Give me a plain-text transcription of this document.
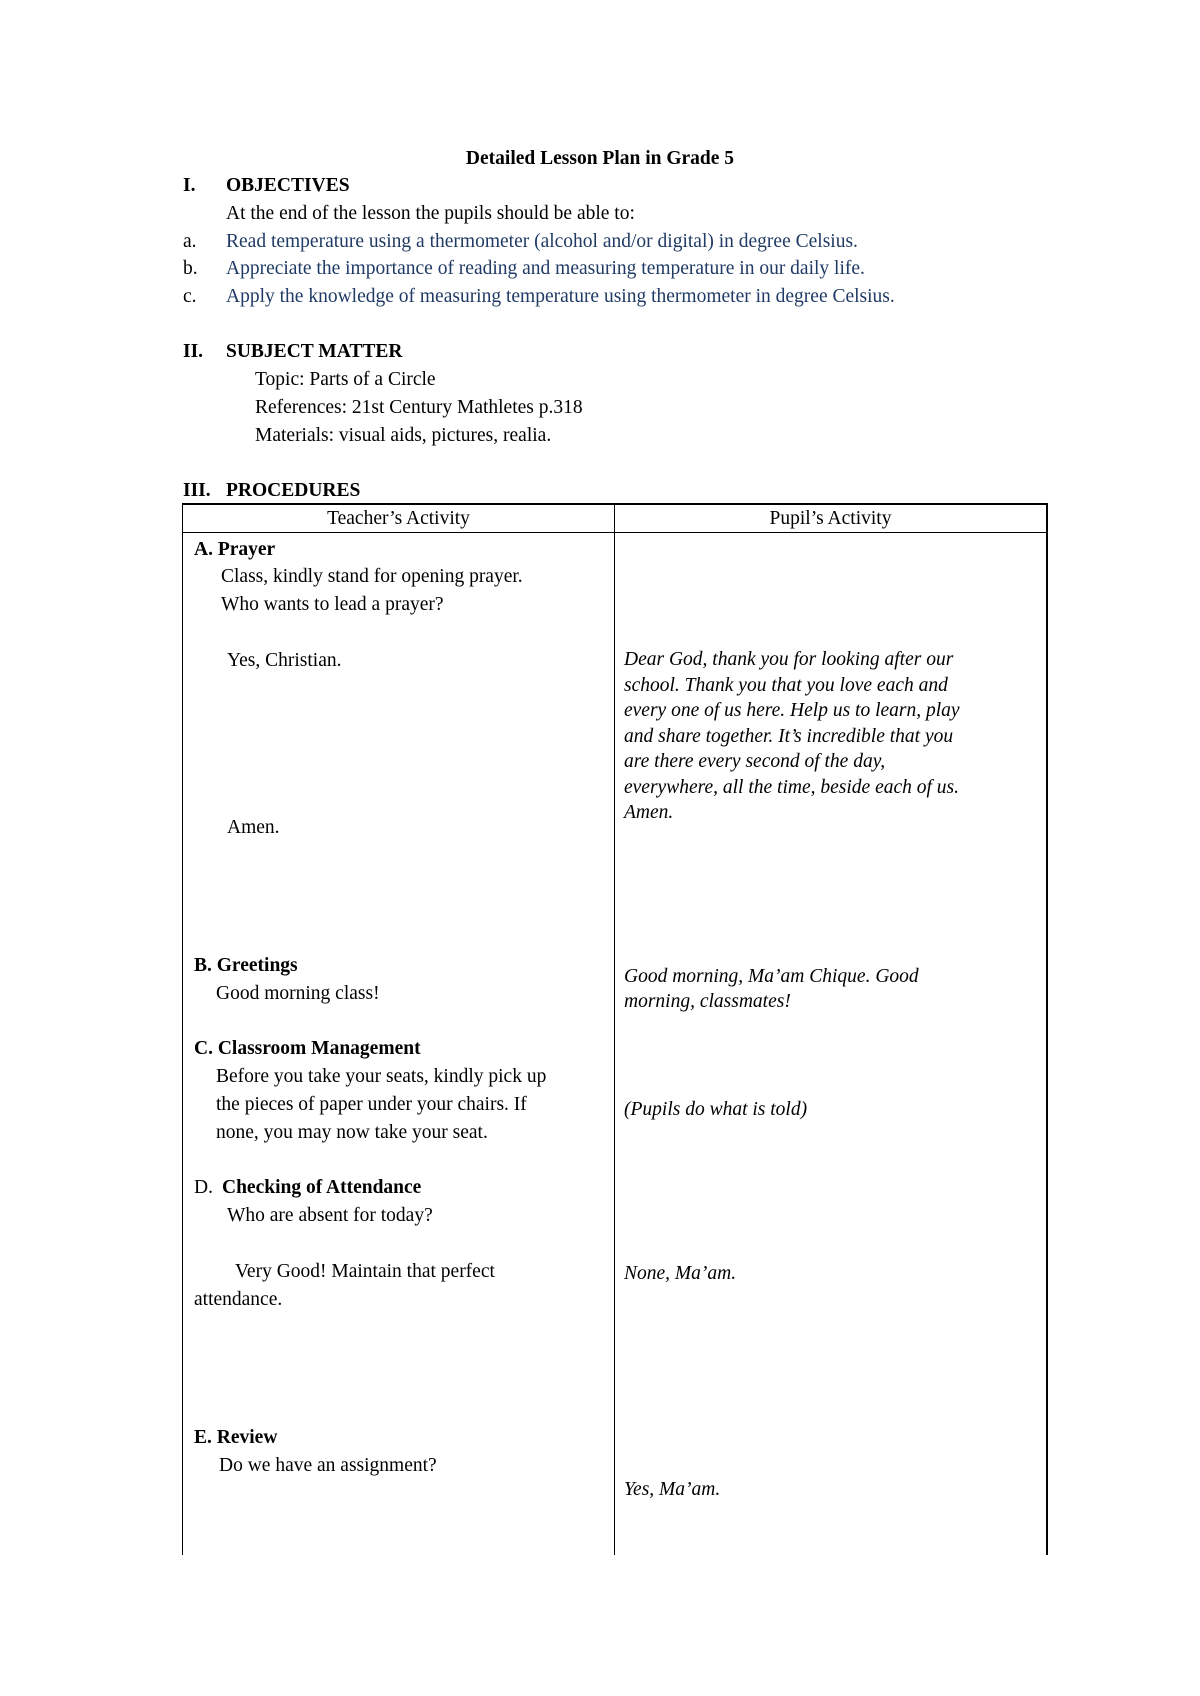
Detailed Lesson Plan in Grade 5
I. OBJECTIVES
At the end of the lesson the pupils should be able to:
a. Read temperature using a thermometer (alcohol and/or digital) in degree Celsius.
b. Appreciate the importance of reading and measuring temperature in our daily life.
c. Apply the knowledge of measuring temperature using thermometer in degree Celsius.
II. SUBJECT MATTER
Topic: Parts of a Circle
References: 21st Century Mathletes p.318
Materials: visual aids, pictures, realia.
III. PROCEDURES
Teacher’s Activity	Pupil’s Activity
A. Prayer
Class, kindly stand for opening prayer.
Who wants to lead a prayer?
Yes, Christian.
Amen.
Dear God, thank you for looking after our
school. Thank you that you love each and
every one of us here. Help us to learn, play
and share together. It’s incredible that you
are there every second of the day,
everywhere, all the time, beside each of us.
Amen.
B. Greetings
Good morning class!
Good morning, Ma’am Chique. Good
morning, classmates!
C. Classroom Management
Before you take your seats, kindly pick up
the pieces of paper under your chairs. If
none, you may now take your seat.
(Pupils do what is told)
D. Checking of Attendance
Who are absent for today?
Very Good! Maintain that perfect
attendance.
None, Ma’am.
E. Review
Do we have an assignment?
Yes, Ma’am.
